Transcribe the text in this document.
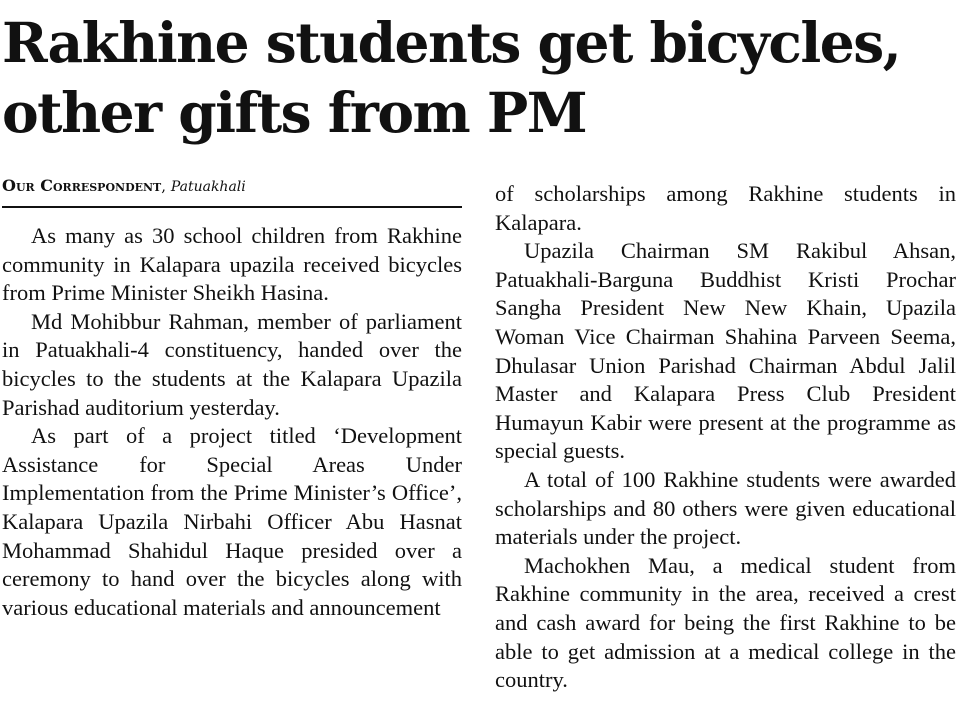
Rakhine students get bicycles, other gifts from PM
Our Correspondent, Patuakhali

As many as 30 school children from Rakhine community in Kalapara upazila received bicycles from Prime Minister Sheikh Hasina.

Md Mohibbur Rahman, member of parliament in Patuakhali-4 constituency, handed over the bicycles to the students at the Kalapara Upazila Parishad auditorium yesterday.

As part of a project titled ‘Development Assistance for Special Areas Under Implementation from the Prime Minister’s Office’, Kalapara Upazila Nirbahi Officer Abu Hasnat Mohammad Shahidul Haque presided over a ceremony to hand over the bicycles along with various educational materials and announcement

of scholarships among Rakhine students in Kalapara.

Upazila Chairman SM Rakibul Ahsan, Patuakhali-Barguna Buddhist Kristi Prochar Sangha President New New Khain, Upazila Woman Vice Chairman Shahina Parveen Seema, Dhulasar Union Parishad Chairman Abdul Jalil Master and Kalapara Press Club President Humayun Kabir were present at the programme as special guests.

A total of 100 Rakhine students were awarded scholarships and 80 others were given educational materials under the project.

Machokhen Mau, a medical student from Rakhine community in the area, received a crest and cash award for being the first Rakhine to be able to get admission at a medical college in the country.
